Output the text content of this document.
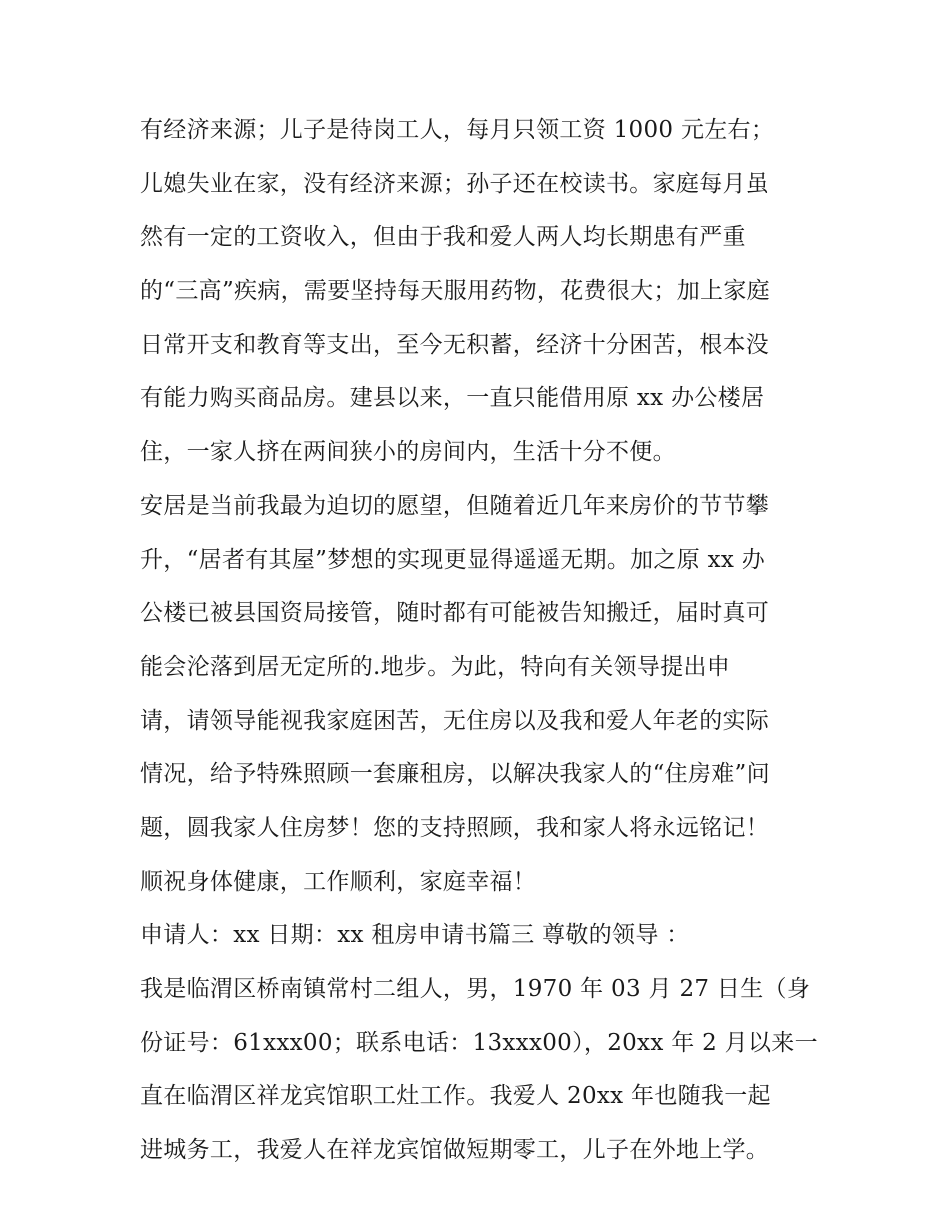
有经济来源；儿子是待岗工人，每月只领工资 1000 元左右；
儿媳失业在家，没有经济来源；孙子还在校读书。家庭每月虽
然有一定的工资收入，但由于我和爱人两人均长期患有严重
的“三高”疾病，需要坚持每天服用药物，花费很大；加上家庭
日常开支和教育等支出，至今无积蓄，经济十分困苦，根本没
有能力购买商品房。建县以来，一直只能借用原 xx 办公楼居
住，一家人挤在两间狭小的房间内，生活十分不便。
安居是当前我最为迫切的愿望，但随着近几年来房价的节节攀
升，“居者有其屋”梦想的实现更显得遥遥无期。加之原 xx 办
公楼已被县国资局接管，随时都有可能被告知搬迁，届时真可
能会沦落到居无定所的.地步。为此，特向有关领导提出申
请，请领导能视我家庭困苦，无住房以及我和爱人年老的实际
情况，给予特殊照顾一套廉租房，以解决我家人的“住房难”问
题，圆我家人住房梦！您的支持照顾，我和家人将永远铭记！
顺祝身体健康，工作顺利，家庭幸福！
申请人：xx 日期：xx 租房申请书篇三 尊敬的领导 ：
我是临渭区桥南镇常村二组人，男，1970 年 03 月 27 日生（身
份证号：61xxx00；联系电话：13xxx00），20xx 年 2 月以来一
直在临渭区祥龙宾馆职工灶工作。我爱人 20xx 年也随我一起
进城务工，我爱人在祥龙宾馆做短期零工，儿子在外地上学。
